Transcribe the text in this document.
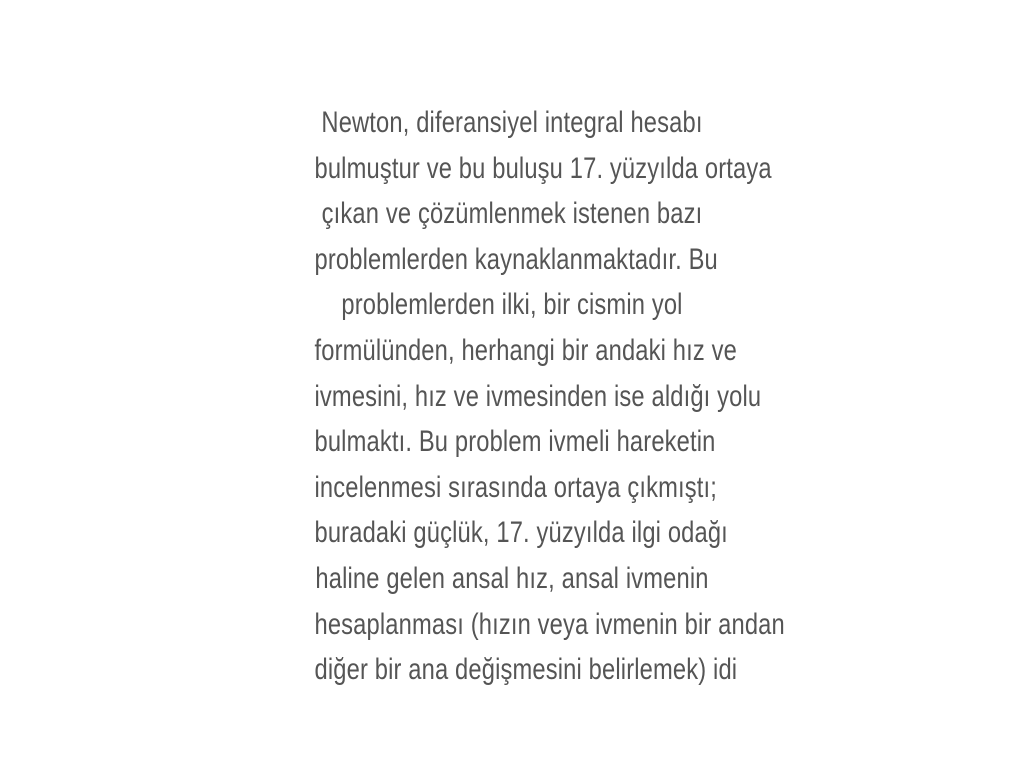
Newton, diferansiyel integral hesabı
bulmuştur ve bu buluşu 17. yüzyılda ortaya
çıkan ve çözümlenmek istenen bazı
problemlerden kaynaklanmaktadır. Bu
problemlerden ilki, bir cismin yol
formülünden, herhangi bir andaki hız ve
ivmesini, hız ve ivmesinden ise aldığı yolu
bulmaktı. Bu problem ivmeli hareketin
incelenmesi sırasında ortaya çıkmıştı;
buradaki güçlük, 17. yüzyılda ilgi odağı
haline gelen ansal hız, ansal ivmenin
hesaplanması (hızın veya ivmenin bir andan
diğer bir ana değişmesini belirlemek) idi
